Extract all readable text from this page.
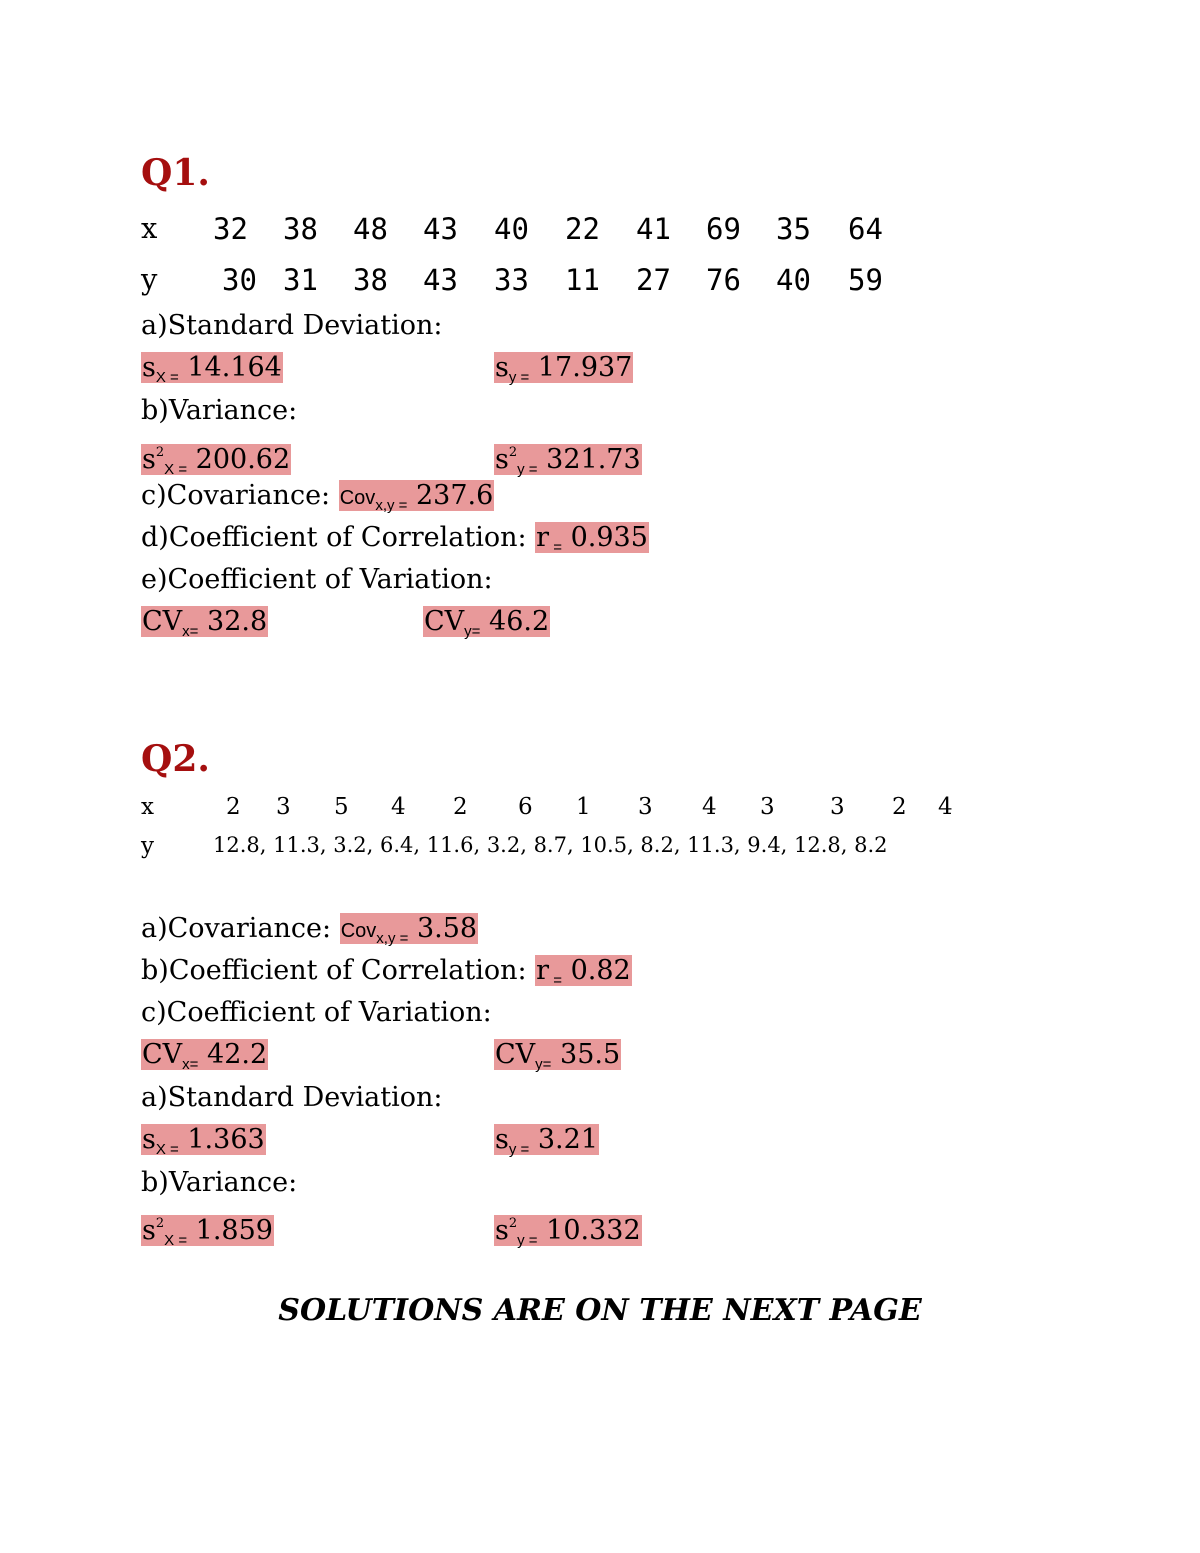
Q1.
x 32 38 48 43 40 22 41 69 35 64
y 30 31 38 43 33 11 27 76 40 59
a)Standard Deviation:
$s_{X =}$ 14.164	$s_{y =}$ 17.937
b)Variance:
$s^2_{X =}$ 200.62	$s^2_{y =}$ 321.73
c)Covariance: Cov$_{x,y =}$ 237.6
d)Coefficient of Correlation: r $_=$ 0.935
e)Coefficient of Variation:
$CV_{x=}$ 32.8	$CV_{y=}$ 46.2
Q2.
x	2 3 5 4 2 6 1 3 4 3 3 2 4
y	12.8, 11.3, 3.2, 6.4, 11.6, 3.2, 8.7, 10.5, 8.2, 11.3, 9.4, 12.8, 8.2
a)Covariance: Cov$_{x,y =}$ 3.58
b)Coefficient of Correlation: r $_=$ 0.82
c)Coefficient of Variation:
$CV_{x=}$ 42.2	$CV_{y=}$ 35.5
a)Standard Deviation:
$s_{X =}$ 1.363	$s_{y =}$ 3.21
b)Variance:
$s^2_{X =}$ 1.859	$s^2_{y =}$ 10.332
SOLUTIONS ARE ON THE NEXT PAGE
